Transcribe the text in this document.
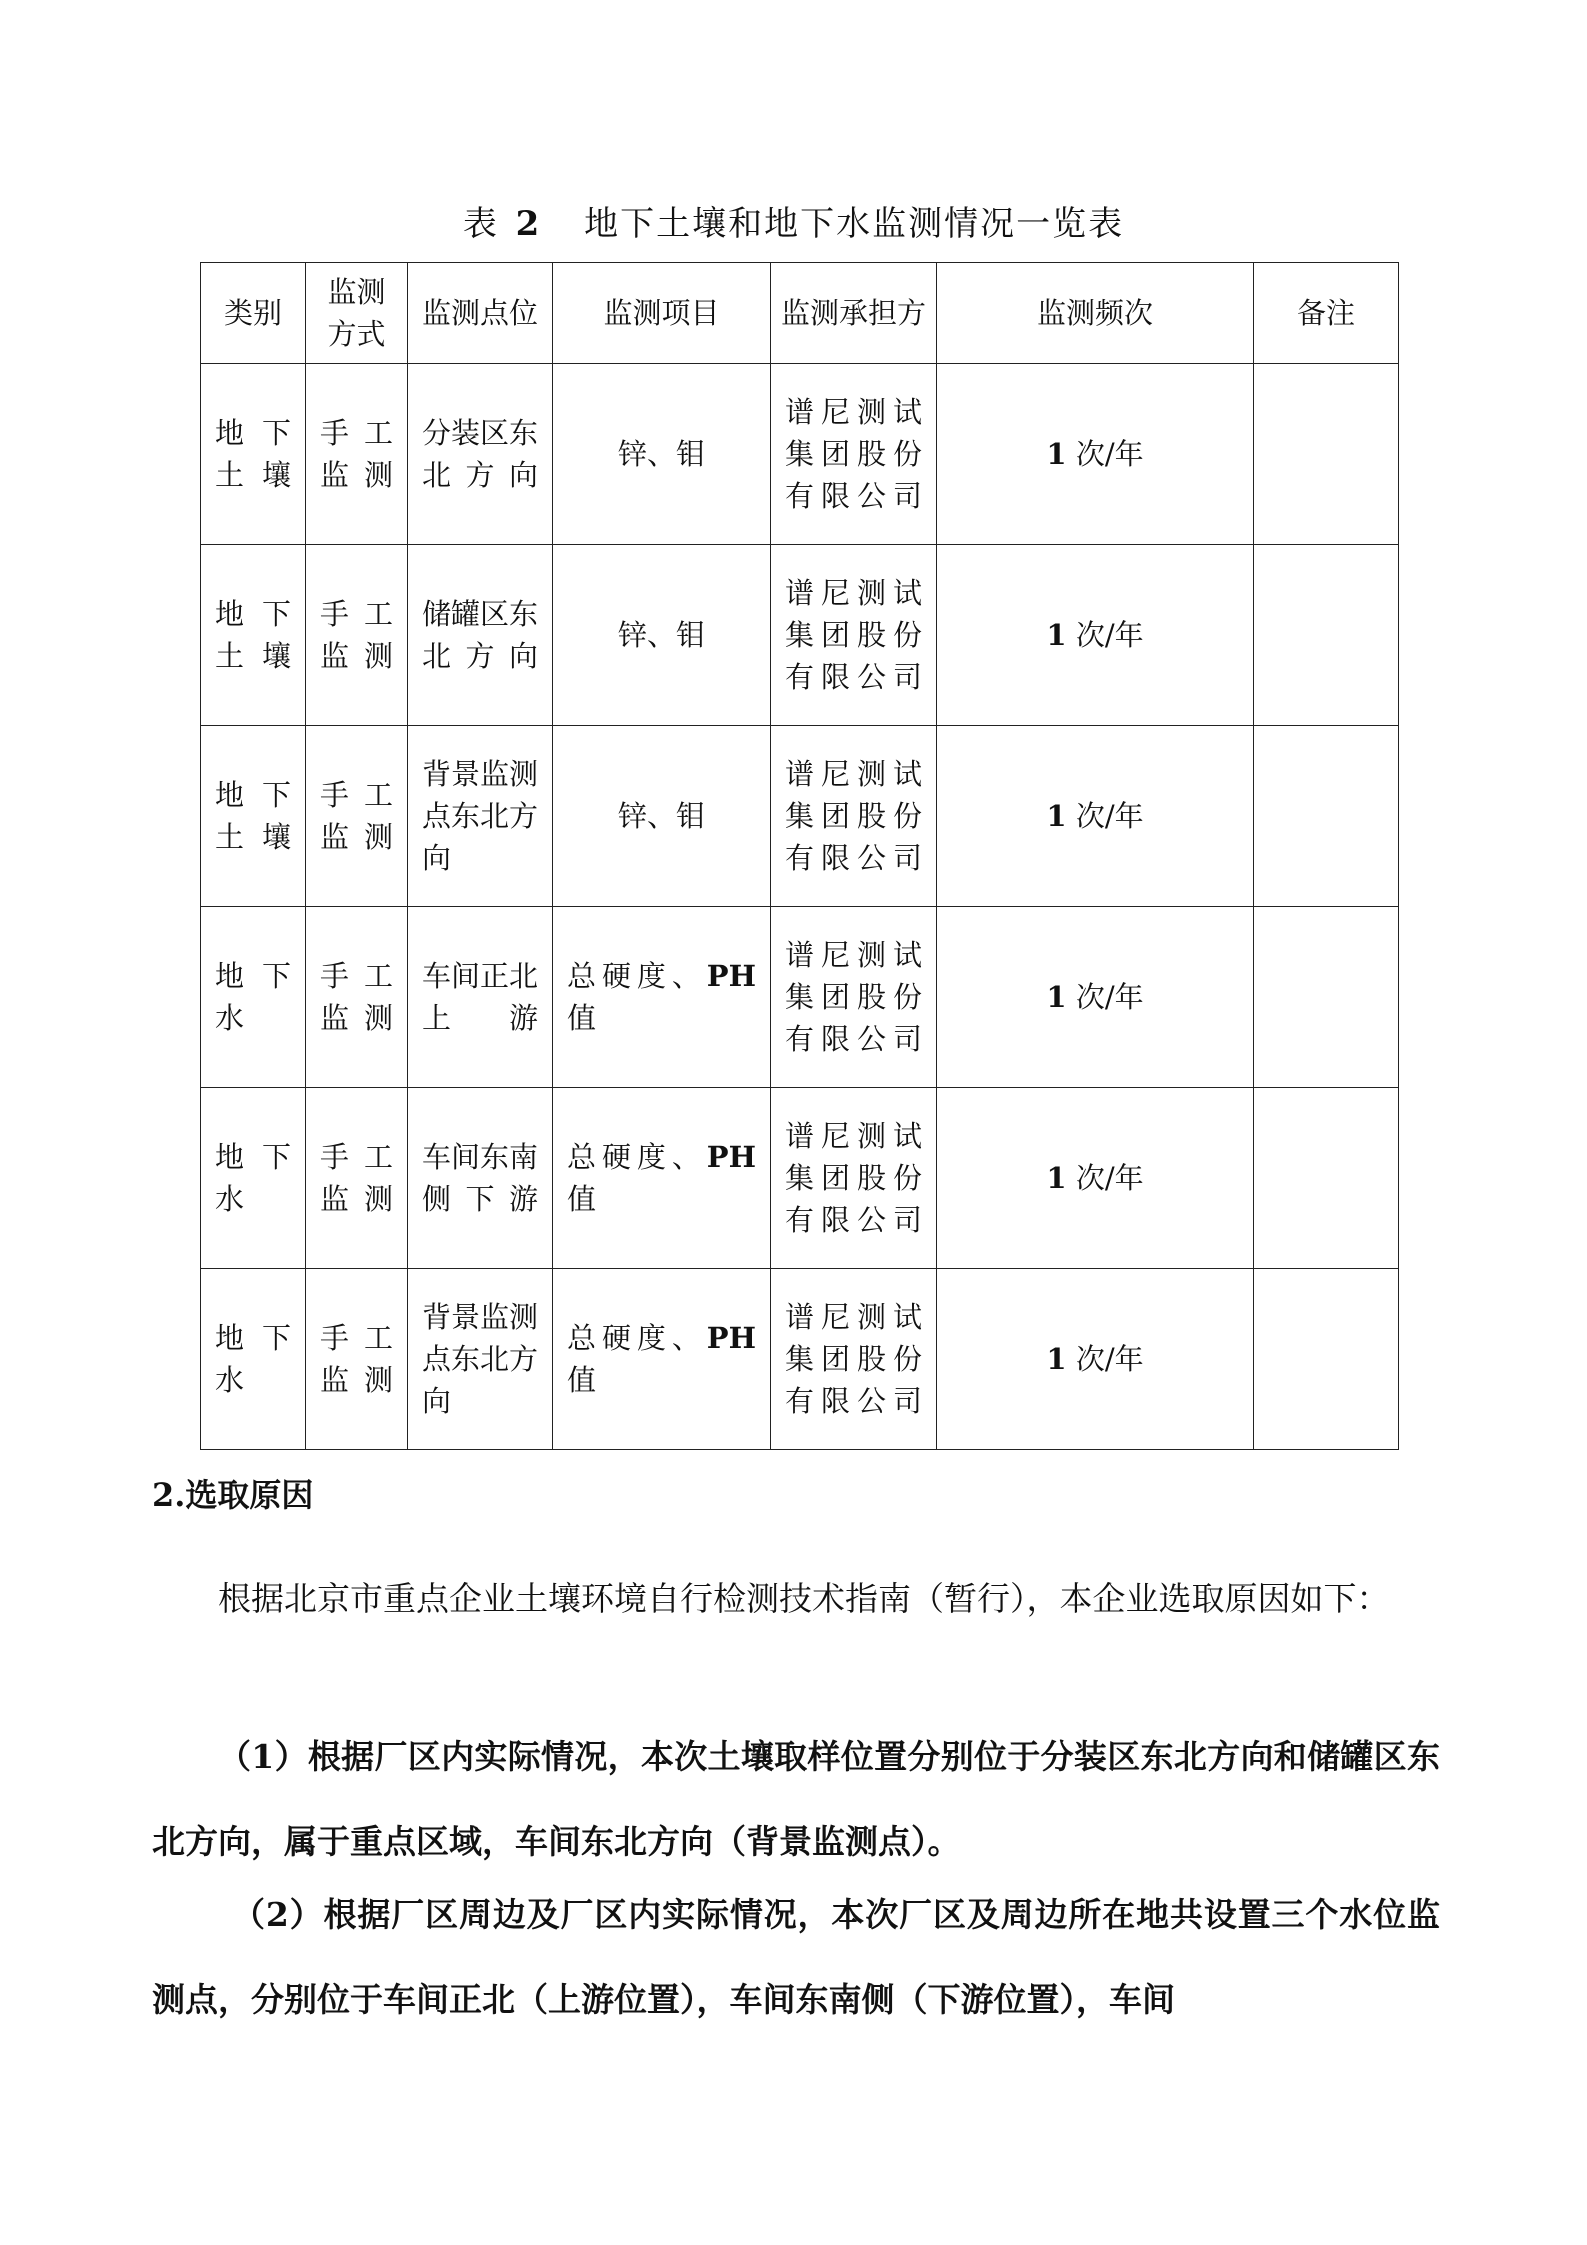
表 2 地下土壤和地下水监测情况一览表
类别	监测方式	监测点位	监测项目	监测承担方	监测频次	备注
地下土壤	手工监测	分装区东北方向	锌、钼	谱尼测试集团股份有限公司	1 次/年	
地下土壤	手工监测	储罐区东北方向	锌、钼	谱尼测试集团股份有限公司	1 次/年	
地下土壤	手工监测	背景监测点东北方向	锌、钼	谱尼测试集团股份有限公司	1 次/年	
地下水	手工监测	车间正北 上游	总硬度、PH值	谱尼测试集团股份有限公司	1 次/年	
地下水	手工监测	车间东南 侧 下 游	总硬度、PH值	谱尼测试集团股份有限公司	1 次/年	
地下水	手工监测	背景监测点东北方向	总硬度、PH值	谱尼测试集团股份有限公司	1 次/年	
2.选取原因

根据北京市重点企业土壤环境自行检测技术指南（暂行），本企业选取原因如下：

（1）根据厂区内实际情况，本次土壤取样位置分别位于分装区东北方向和储罐区东北方向，属于重点区域，车间东北方向（背景监测点）。

（2）根据厂区周边及厂区内实际情况，本次厂区及周边所在地共设置三个水位监测点，分别位于车间正北（上游位置），车间东南侧（下游位置），车间
